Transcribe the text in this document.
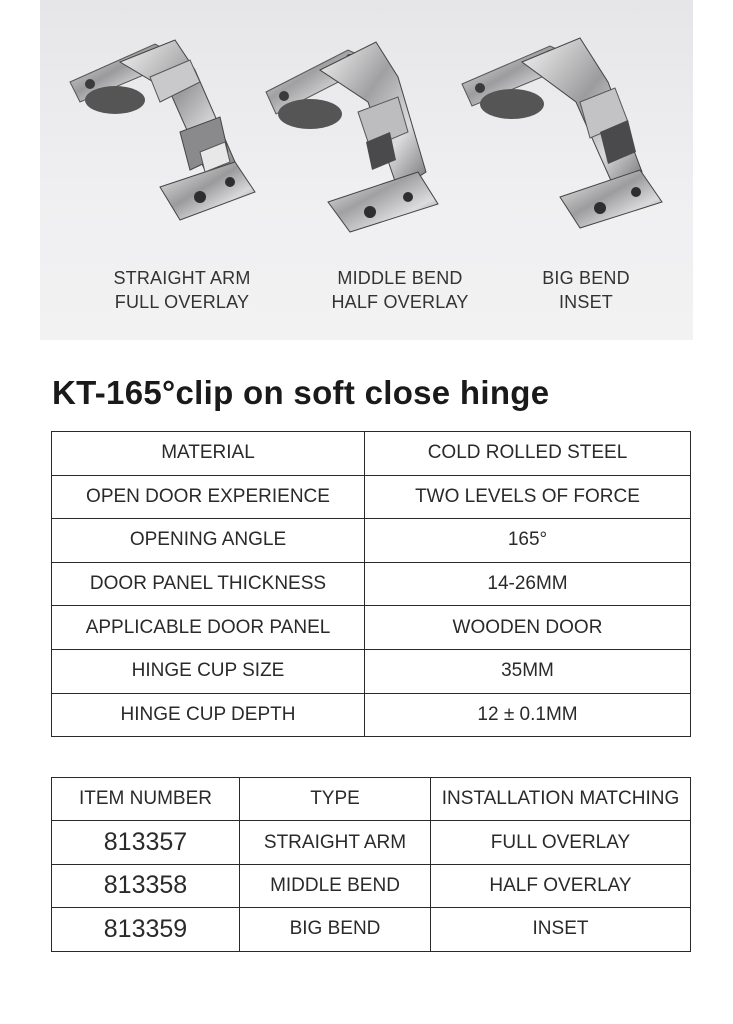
STRAIGHT ARM
FULL OVERLAY
MIDDLE BEND
HALF OVERLAY
BIG BEND
INSET
KT-165°clip on soft close hinge
MATERIAL	COLD ROLLED STEEL
OPEN DOOR EXPERIENCE	TWO LEVELS OF FORCE
OPENING ANGLE	165°
DOOR PANEL THICKNESS	14-26MM
APPLICABLE DOOR PANEL	WOODEN DOOR
HINGE CUP SIZE	35MM
HINGE CUP DEPTH	12 ± 0.1MM
ITEM NUMBER	TYPE	INSTALLATION MATCHING
813357	STRAIGHT ARM	FULL OVERLAY
813358	MIDDLE BEND	HALF OVERLAY
813359	BIG BEND	INSET
